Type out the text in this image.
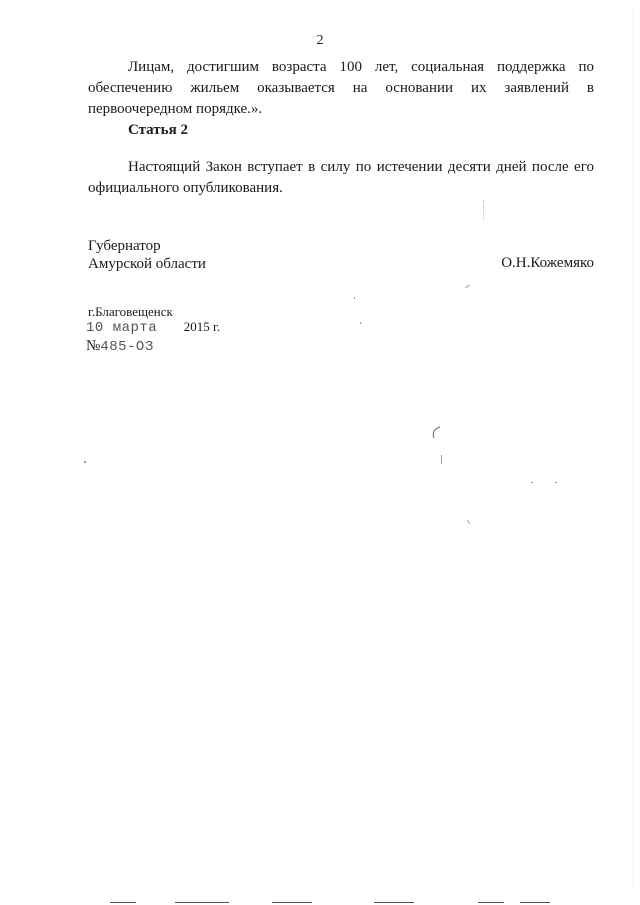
2
Лицам, достигшим возраста 100 лет, социальная поддержка по обеспечению жильем оказывается на основании их заявлений в первоочередном порядке.».
Статья 2
Настоящий Закон вступает в силу по истечении десяти дней после его официального опубликования.
Губернатор
Амурской области	О.Н.Кожемяко
г.Благовещенск
10 марта 2015 г.
№485-ОЗ
